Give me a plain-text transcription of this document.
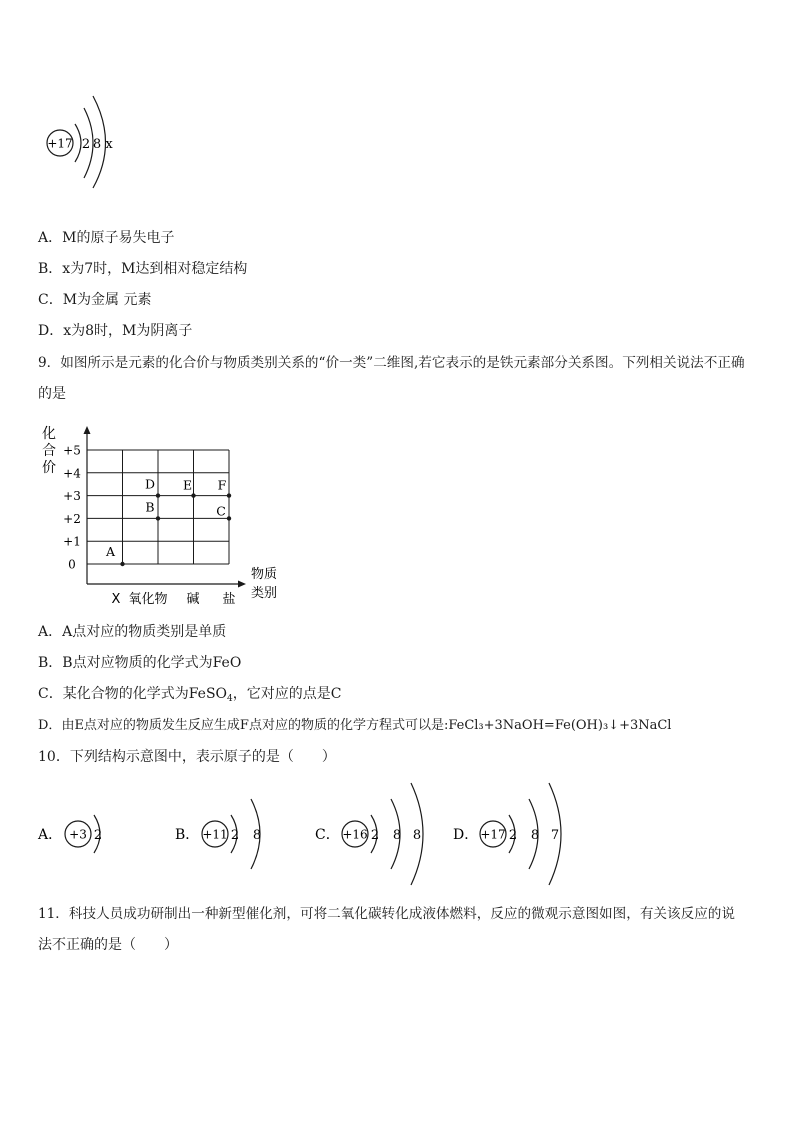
+17 2 8 x
A．M的原子易失电子
B．x为7时，M达到相对稳定结构
C．M为金属 元素
D．x为8时，M为阴离子
9．如图所示是元素的化合价与物质类别关系的“价一类”二维图,若它表示的是铁元素部分关系图。下列相关说法不正确
的是
化
合
价
+5
+4
+3
+2
+1
0
X 氧化物 碱 盐
A
B
D E F
C
物质
类别
A．A点对应的物质类别是单质
B．B点对应物质的化学式为FeO
C．某化合物的化学式为FeSO$_4$，它对应的点是C
D．由E点对应的物质发生反应生成F点对应的物质的化学方程式可以是:FeCl₃+3NaOH=Fe(OH)₃↓+3NaCl
10．下列结构示意图中，表示原子的是（　　）
A． +3 2	B． +11 2 8	C． +16 2 8 8 D． +17 2 8 7
11．科技人员成功研制出一种新型催化剂，可将二氧化碳转化成液体燃料，反应的微观示意图如图，有关该反应的说
法不正确的是（　　）
